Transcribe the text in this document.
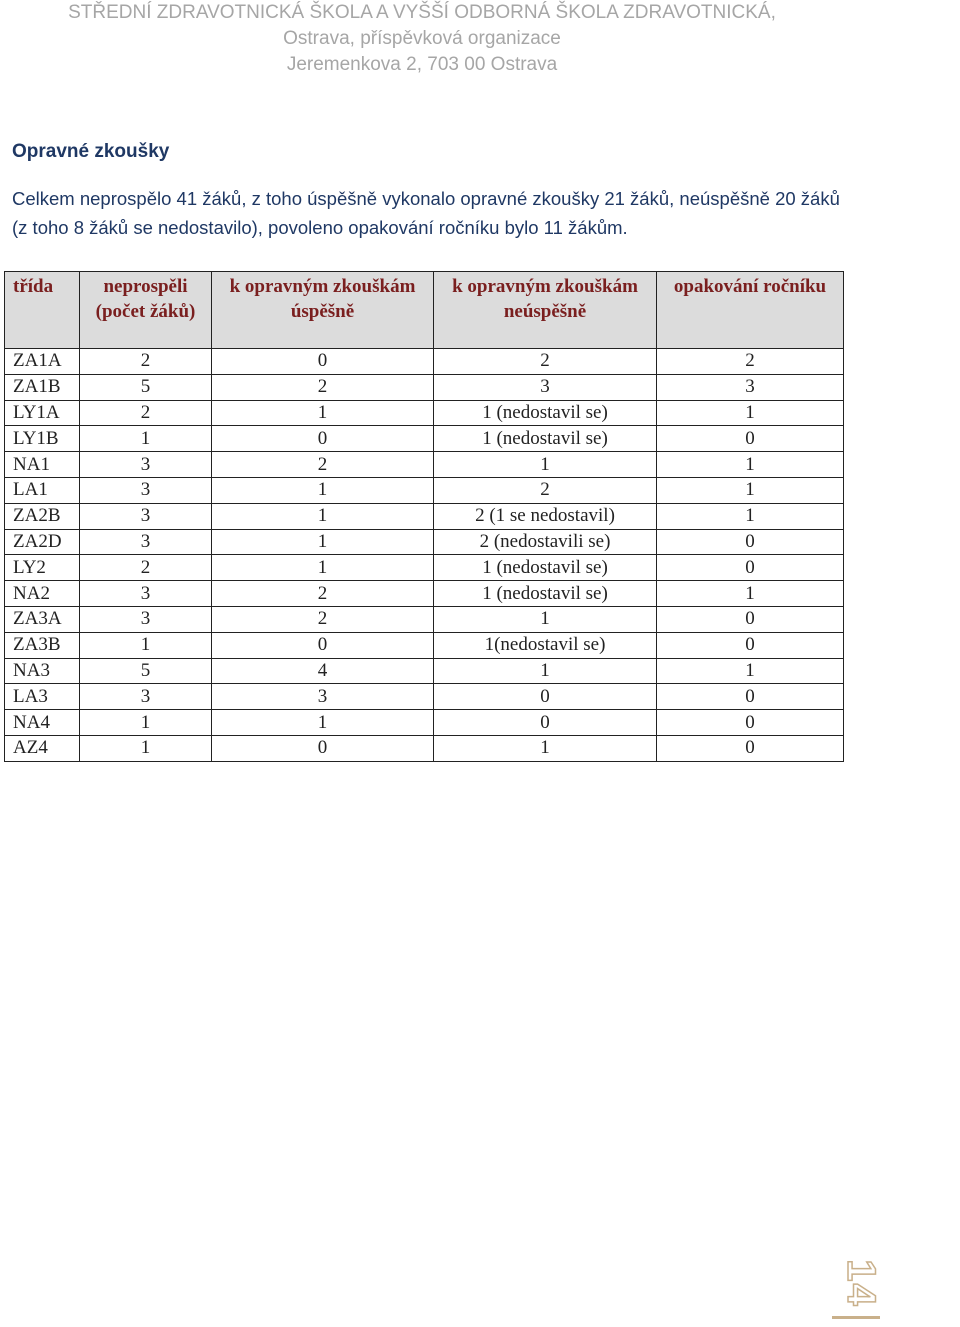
STŘEDNÍ ZDRAVOTNICKÁ ŠKOLA A VYŠŠÍ ODBORNÁ ŠKOLA ZDRAVOTNICKÁ,
Ostrava, příspěvková organizace
Jeremenkova 2, 703 00 Ostrava
Opravné zkoušky
Celkem neprospělo 41 žáků, z toho úspěšně vykonalo opravné zkoušky 21 žáků, neúspěšně 20 žáků (z toho 8 žáků se nedostavilo), povoleno opakování ročníku bylo 11 žákům.
třída	neprospěli (počet žáků)	k opravným zkouškám úspěšně	k opravným zkouškám neúspěšně	opakování ročníku
ZA1A	2	0	2	2
ZA1B	5	2	3	3
LY1A	2	1	1 (nedostavil se)	1
LY1B	1	0	1 (nedostavil se)	0
NA1	3	2	1	1
LA1	3	1	2	1
ZA2B	3	1	2 (1 se nedostavil)	1
ZA2D	3	1	2 (nedostavili se)	0
LY2	2	1	1 (nedostavil se)	0
NA2	3	2	1 (nedostavil se)	1
ZA3A	3	2	1	0
ZA3B	1	0	1(nedostavil se)	0
NA3	5	4	1	1
LA3	3	3	0	0
NA4	1	1	0	0
AZ4	1	0	1	0
14
